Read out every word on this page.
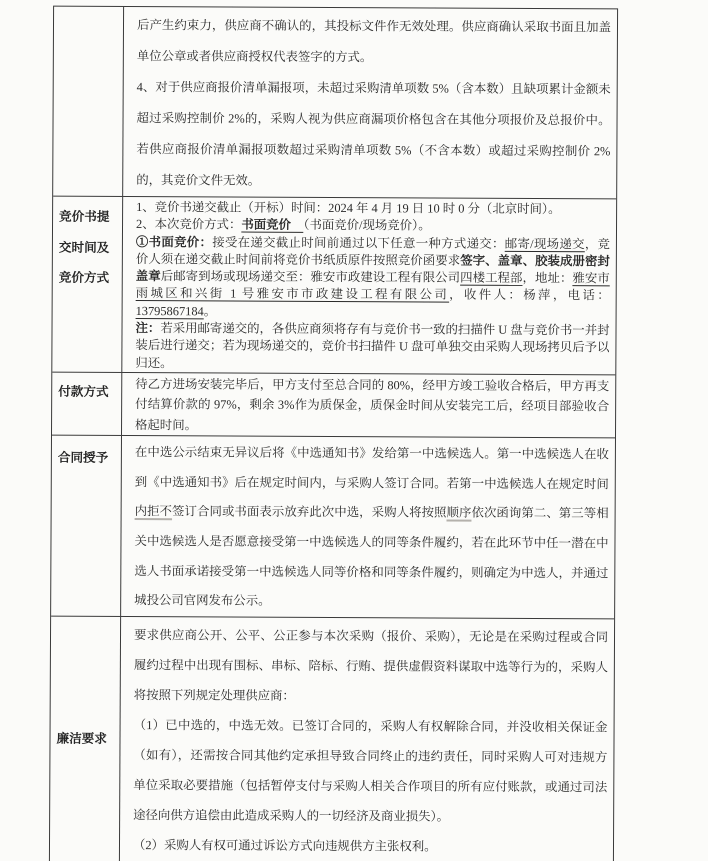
后产生约束力，供应商不确认的，其投标文件作无效处理。供应商确认采取书面且加盖单位公章或者供应商授权代表签字的方式。

4、对于供应商报价清单漏报项，未超过采购清单项数 5%（含本数）且缺项累计金额未超过采购控制价 2%的，采购人视为供应商漏项价格包含在其他分项报价及总报价中。若供应商报价清单漏报项数超过采购清单项数 5%（不含本数）或超过采购控制价 2%的，其竞价文件无效。

竞价书提交时间及竞价方式

1、竞价书递交截止（开标）时间：2024 年 4 月 19 日 10 时 0 分（北京时间）。

2、本次竞价方式：书面竞价　（书面竞价/现场竞价）。

①书面竞价：接受在递交截止时间前通过以下任意一种方式递交：邮寄/现场递交，竞价人须在递交截止时间前将竞价书纸质原件按照竞价函要求签字、盖章、胶装成册密封盖章后邮寄到场或现场递交至：雅安市政建设工程有限公司四楼工程部，地址：雅安市雨城区和兴街 1 号雅安市市政建设工程有限公司，收件人：杨萍，电话：13795867184。

注：若采用邮寄递交的，各供应商须将存有与竞价书一致的扫描件 U 盘与竞价书一并封装后进行递交；若为现场递交的，竞价书扫描件 U 盘可单独交由采购人现场拷贝后予以归还。

付款方式	待乙方进场安装完毕后，甲方支付至总合同的 80%，经甲方竣工验收合格后，甲方再支付结算价款的 97%，剩余 3%作为质保金，质保金时间从安装完工后，经项目部验收合格起时间。

合同授予	在中选公示结束无异议后将《中选通知书》发给第一中选候选人。第一中选候选人在收到《中选通知书》后在规定时间内，与采购人签订合同。若第一中选候选人在规定时间内拒不签订合同或书面表示放弃此次中选，采购人将按照顺序依次函询第二、第三等相关中选候选人是否愿意接受第一中选候选人的同等条件履约，若在此环节中任一潜在中选人书面承诺接受第一中选候选人同等价格和同等条件履约，则确定为中选人，并通过城投公司官网发布公示。

廉洁要求

要求供应商公开、公平、公正参与本次采购（报价、采购），无论是在采购过程或合同履约过程中出现有围标、串标、陪标、行贿、提供虚假资料谋取中选等行为的，采购人将按照下列规定处理供应商：

（1）已中选的，中选无效。已签订合同的，采购人有权解除合同，并没收相关保证金（如有），还需按合同其他约定承担导致合同终止的违约责任，同时采购人可对违规方单位采取必要措施（包括暂停支付与采购人相关合作项目的所有应付账款，或通过司法途径向供方追偿由此造成采购人的一切经济及商业损失）。

（2）采购人有权可通过诉讼方式向违规供方主张权利。
